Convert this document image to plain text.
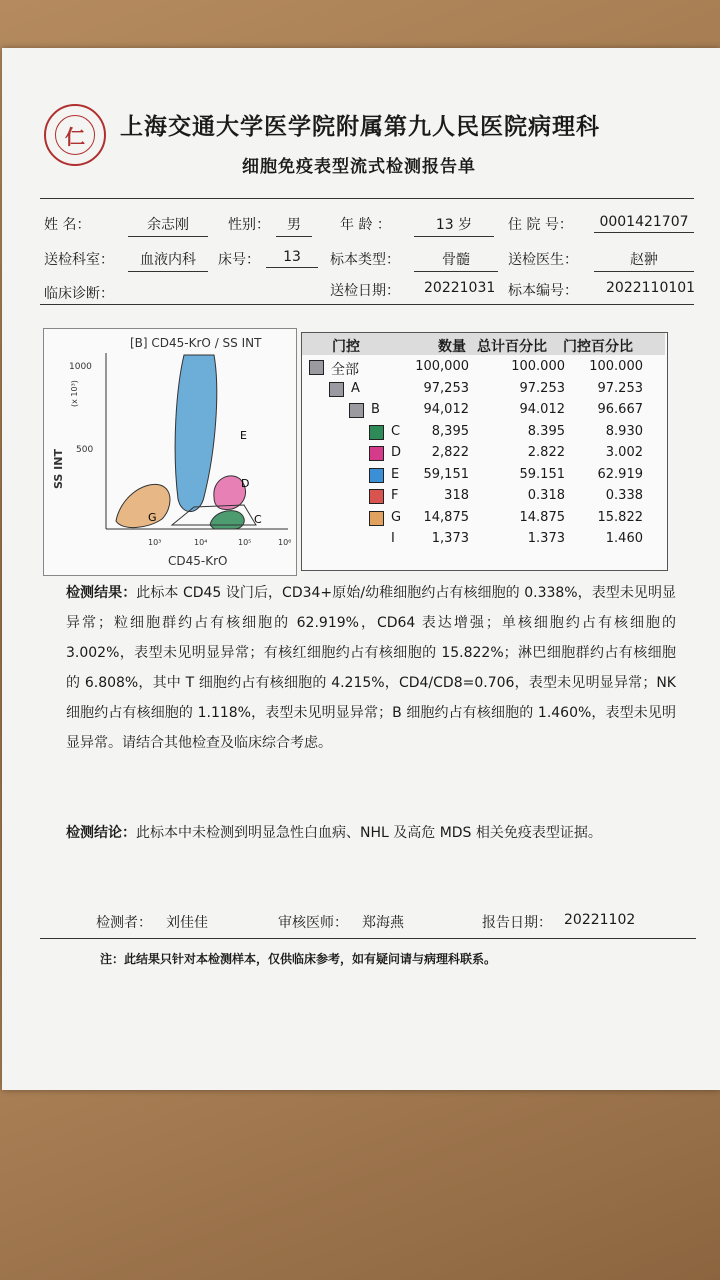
仁	上海交通大学医学院附属第九人民医院病理科
细胞免疫表型流式检测报告单
姓 名：	余志刚	性别：	男	年 龄 ：	13 岁	住 院 号：	0001421707
送检科室：	血液内科	床号：	13	标本类型：	骨髓	送检医生：	赵翀
临床诊断：	送检日期： 20221031 标本编号： 2022110101
[B] CD45-KrO / SS INT
SS INT
(x 10³)
1000
500
10³	10⁴	10⁵	10⁶
CD45-KrO
E
D
G	C
门控	数量 总计百分比 门控百分比
全部	100,000	100.000	100.000
A	97,253	97.253	97.253
B	94,012	94.012	96.667
C	8,395	8.395	8.930
D	2,822	2.822	3.002
E	59,151	59.151	62.919
F	318	0.318	0.338
G	14,875	14.875	15.822
I	1,373	1.373	1.460
检测结果：此标本 CD45 设门后，CD34+原始/幼稚细胞约占有核细胞的 0.338%，表型未见明显异常；粒细胞群约占有核细胞的 62.919%，CD64 表达增强；单核细胞约占有核细胞的 3.002%，表型未见明显异常；有核红细胞约占有核细胞的 15.822%；淋巴细胞群约占有核细胞的 6.808%，其中 T 细胞约占有核细胞的 4.215%，CD4/CD8=0.706，表型未见明显异常；NK 细胞约占有核细胞的 1.118%，表型未见明显异常；B 细胞约占有核细胞的 1.460%，表型未见明显异常。请结合其他检查及临床综合考虑。
检测结论：此标本中未检测到明显急性白血病、NHL 及高危 MDS 相关免疫表型证据。
检测者： 刘佳佳	审核医师： 郑海燕	报告日期： 20221102
注：此结果只针对本检测样本，仅供临床参考，如有疑问请与病理科联系。
